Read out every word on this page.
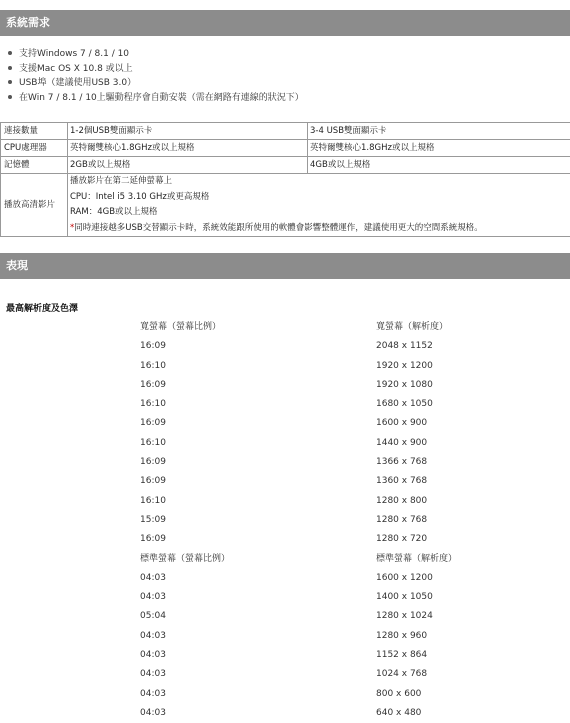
系統需求
支持Windows 7 / 8.1 / 10
支援Mac OS X 10.8 或以上
USB埠（建議使用USB 3.0）
在Win 7 / 8.1 / 10上驅動程序會自動安裝（需在網路有連線的狀況下）
連接數量	1-2個USB雙面顯示卡	3-4 USB雙面顯示卡
CPU處理器	英特爾雙核心1.8GHz或以上規格	英特爾雙核心1.8GHz或以上規格
記憶體	2GB或以上規格	4GB或以上規格
播放高清影片	播放影片在第二延伸螢幕上
CPU：Intel i5 3.10 GHz或更高規格
RAM：4GB或以上規格
*同時連接越多USB交替顯示卡時，系統效能跟所使用的軟體會影響整體運作，建議使用更大的空間系統規格。	
表現
最高解析度及色澤
寬螢幕（螢幕比例）	寬螢幕（解析度）
16:09	2048 x 1152
16:10	1920 x 1200
16:09	1920 x 1080
16:10	1680 x 1050
16:09	1600 x 900
16:10	1440 x 900
16:09	1366 x 768
16:09	1360 x 768
16:10	1280 x 800
15:09	1280 x 768
16:09	1280 x 720
標準螢幕（螢幕比例）	標準螢幕（解析度）
04:03	1600 x 1200
04:03	1400 x 1050
05:04	1280 x 1024
04:03	1280 x 960
04:03	1152 x 864
04:03	1024 x 768
04:03	800 x 600
04:03	640 x 480
